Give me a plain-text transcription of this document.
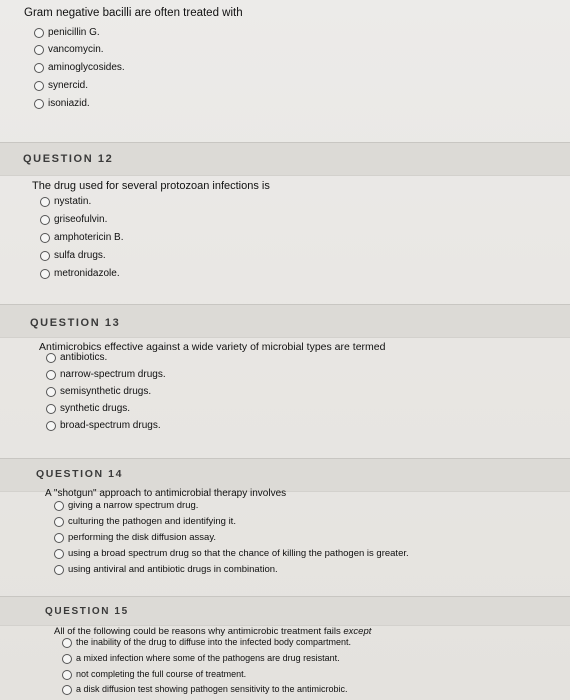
Gram negative bacilli are often treated with
penicillin G.
vancomycin.
aminoglycosides.
synercid.
isoniazid.
QUESTION 12
The drug used for several protozoan infections is
nystatin.
griseofulvin.
amphotericin B.
sulfa drugs.
metronidazole.
QUESTION 13
Antimicrobics effective against a wide variety of microbial types are termed
antibiotics.
narrow-spectrum drugs.
semisynthetic drugs.
synthetic drugs.
broad-spectrum drugs.
QUESTION 14
A "shotgun" approach to antimicrobial therapy involves
giving a narrow spectrum drug.
culturing the pathogen and identifying it.
performing the disk diffusion assay.
using a broad spectrum drug so that the chance of killing the pathogen is greater.
using antiviral and antibiotic drugs in combination.
QUESTION 15
All of the following could be reasons why antimicrobic treatment fails except
the inability of the drug to diffuse into the infected body compartment.
a mixed infection where some of the pathogens are drug resistant.
not completing the full course of treatment.
a disk diffusion test showing pathogen sensitivity to the antimicrobic.
